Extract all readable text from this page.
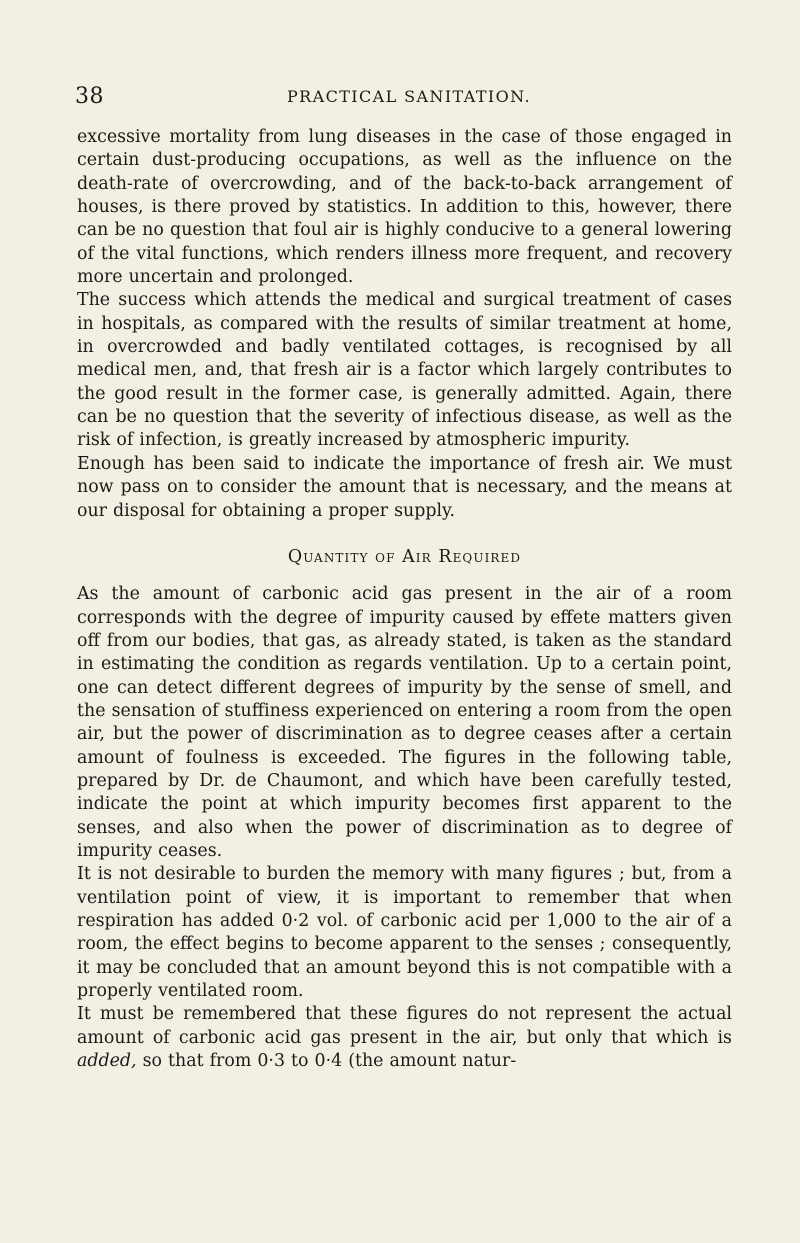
38	PRACTICAL SANITATION.

excessive mortality from lung diseases in the case of those engaged in certain dust-producing occupations, as well as the influence on the death-rate of overcrowding, and of the back-to-back arrangement of houses, is there proved by statistics. In addition to this, however, there can be no question that foul air is highly conducive to a general lowering of the vital functions, which renders illness more frequent, and recovery more uncertain and prolonged.

The success which attends the medical and surgical treatment of cases in hospitals, as compared with the results of similar treatment at home, in overcrowded and badly ventilated cottages, is recognised by all medical men, and, that fresh air is a factor which largely contributes to the good result in the former case, is generally admitted. Again, there can be no question that the severity of infectious disease, as well as the risk of infection, is greatly increased by atmospheric impurity.

Enough has been said to indicate the importance of fresh air. We must now pass on to consider the amount that is necessary, and the means at our disposal for obtaining a proper supply.

Quantity of Air Required

As the amount of carbonic acid gas present in the air of a room corresponds with the degree of impurity caused by effete matters given off from our bodies, that gas, as already stated, is taken as the standard in estimating the condition as regards ventilation. Up to a certain point, one can detect different degrees of impurity by the sense of smell, and the sensation of stuffiness experienced on entering a room from the open air, but the power of discrimination as to degree ceases after a certain amount of foulness is exceeded. The figures in the following table, prepared by Dr. de Chaumont, and which have been carefully tested, indicate the point at which impurity becomes first apparent to the senses, and also when the power of discrimination as to degree of impurity ceases.

It is not desirable to burden the memory with many figures ; but, from a ventilation point of view, it is important to remember that when respiration has added 0·2 vol. of carbonic acid per 1,000 to the air of a room, the effect begins to become apparent to the senses ; consequently, it may be concluded that an amount beyond this is not compatible with a properly ventilated room.

It must be remembered that these figures do not represent the actual amount of carbonic acid gas present in the air, but only that which is added, so that from 0·3 to 0·4 (the amount natur-
